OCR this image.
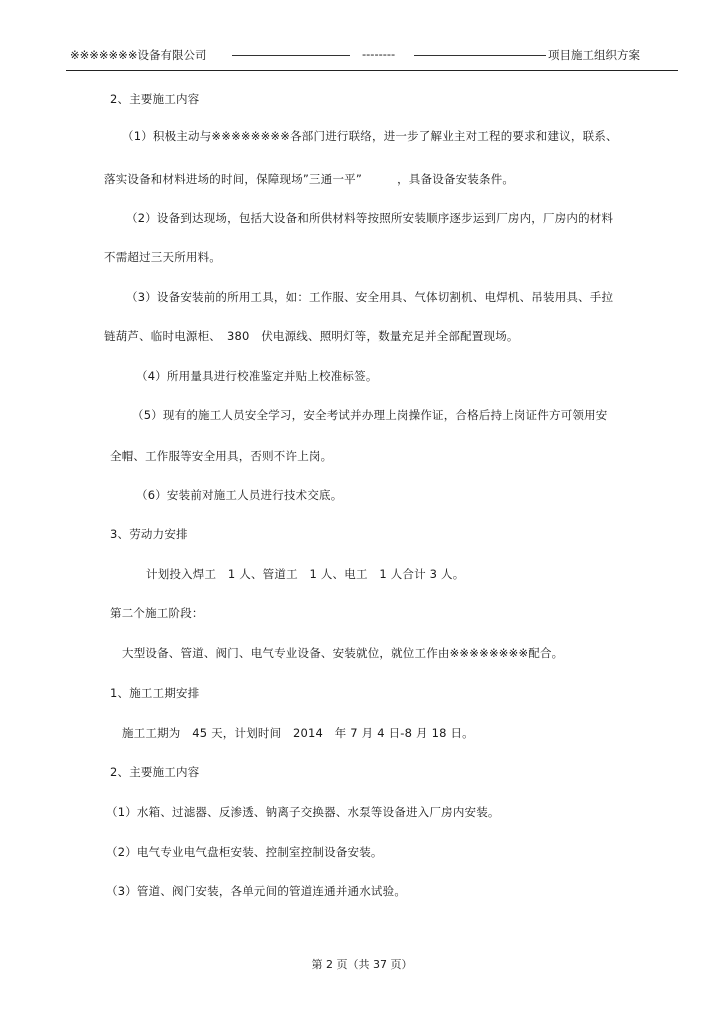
※※※※※※※设备有限公司	--------	项目施工组织方案

2、主要施工内容

（1）积极主动与※※※※※※※※各部门进行联络，进一步了解业主对工程的要求和建议，联系、

落实设备和材料进场的时间，保障现场”三通一平”　　　，具备设备安装条件。

（2）设备到达现场，包括大设备和所供材料等按照所安装顺序逐步运到厂房内，厂房内的材料

不需超过三天所用料。

（3）设备安装前的所用工具，如：工作服、安全用具、气体切割机、电焊机、吊装用具、手拉

链葫芦、临时电源柜、　380　伏电源线、照明灯等，数量充足并全部配置现场。

（4）所用量具进行校准鉴定并贴上校准标签。

（5）现有的施工人员安全学习，安全考试并办理上岗操作证，合格后持上岗证件方可领用安

全帽、工作服等安全用具，否则不许上岗。

（6）安装前对施工人员进行技术交底。

3、劳动力安排

计划投入焊工　1 人、管道工　1 人、电工　1 人合计 3 人。

第二个施工阶段：

大型设备、管道、阀门、电气专业设备、安装就位，就位工作由※※※※※※※※配合。

1、施工工期安排

施工工期为　45 天，计划时间　2014　年 7 月 4 日-8 月 18 日。

2、主要施工内容

（1）水箱、过滤器、反渗透、钠离子交换器、水泵等设备进入厂房内安装。

（2）电气专业电气盘柜安装、控制室控制设备安装。

（3）管道、阀门安装，各单元间的管道连通并通水试验。

第 2 页（共 37 页）
